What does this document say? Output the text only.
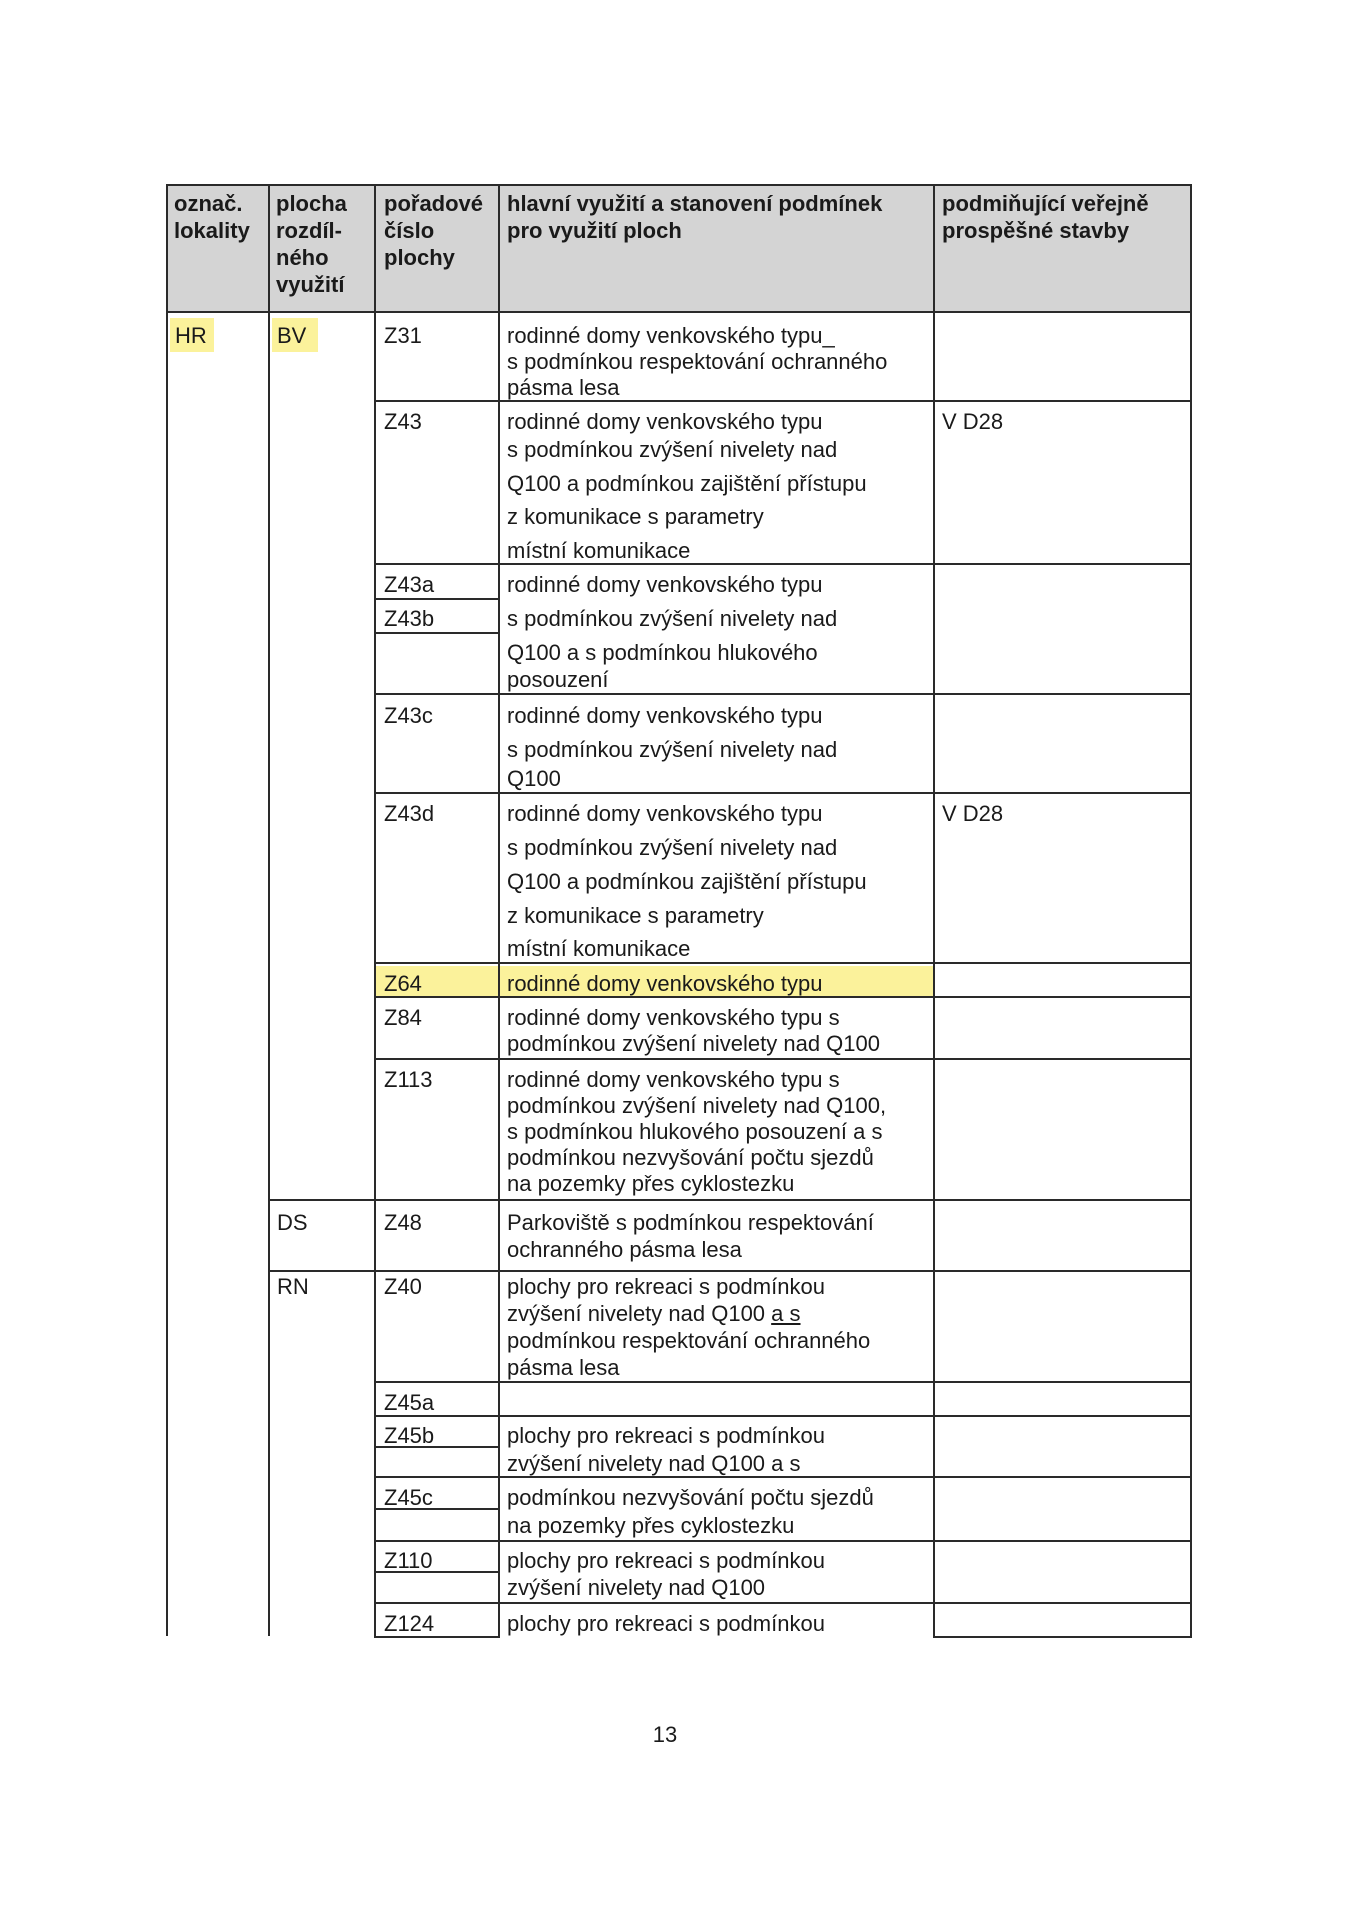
označ.
lokality
plocha
rozdíl-
ného
využití
pořadové
číslo
plochy
hlavní využití a stanovení podmínek
pro využití ploch
podmiňující veřejně
prospěšné stavby
HR	BV
DS
RN
Z31
Z43
Z43a
Z43b
Z43c
Z43d
Z64
Z84
Z113
Z48
Z40
Z45a
Z45b
Z45c
Z110
Z124
rodinné domy venkovského typu_
s podmínkou respektování ochranného
pásma lesa
rodinné domy venkovského typu
s podmínkou zvýšení nivelety nad
Q100 a podmínkou zajištění přístupu
z komunikace s parametry
místní komunikace
rodinné domy venkovského typu
s podmínkou zvýšení nivelety nad
Q100 a s podmínkou hlukového
posouzení
rodinné domy venkovského typu
s podmínkou zvýšení nivelety nad
Q100
rodinné domy venkovského typu
s podmínkou zvýšení nivelety nad
Q100 a podmínkou zajištění přístupu
z komunikace s parametry
místní komunikace
rodinné domy venkovského typu
rodinné domy venkovského typu s
podmínkou zvýšení nivelety nad Q100
rodinné domy venkovského typu s
podmínkou zvýšení nivelety nad Q100,
s podmínkou hlukového posouzení a s
podmínkou nezvyšování počtu sjezdů
na pozemky přes cyklostezku
Parkoviště s podmínkou respektování
ochranného pásma lesa
plochy pro rekreaci s podmínkou
zvýšení nivelety nad Q100 a s
podmínkou respektování ochranného
pásma lesa
plochy pro rekreaci s podmínkou
zvýšení nivelety nad Q100 a s
podmínkou nezvyšování počtu sjezdů
na pozemky přes cyklostezku
plochy pro rekreaci s podmínkou
zvýšení nivelety nad Q100
plochy pro rekreaci s podmínkou
V D28
V D28
13
